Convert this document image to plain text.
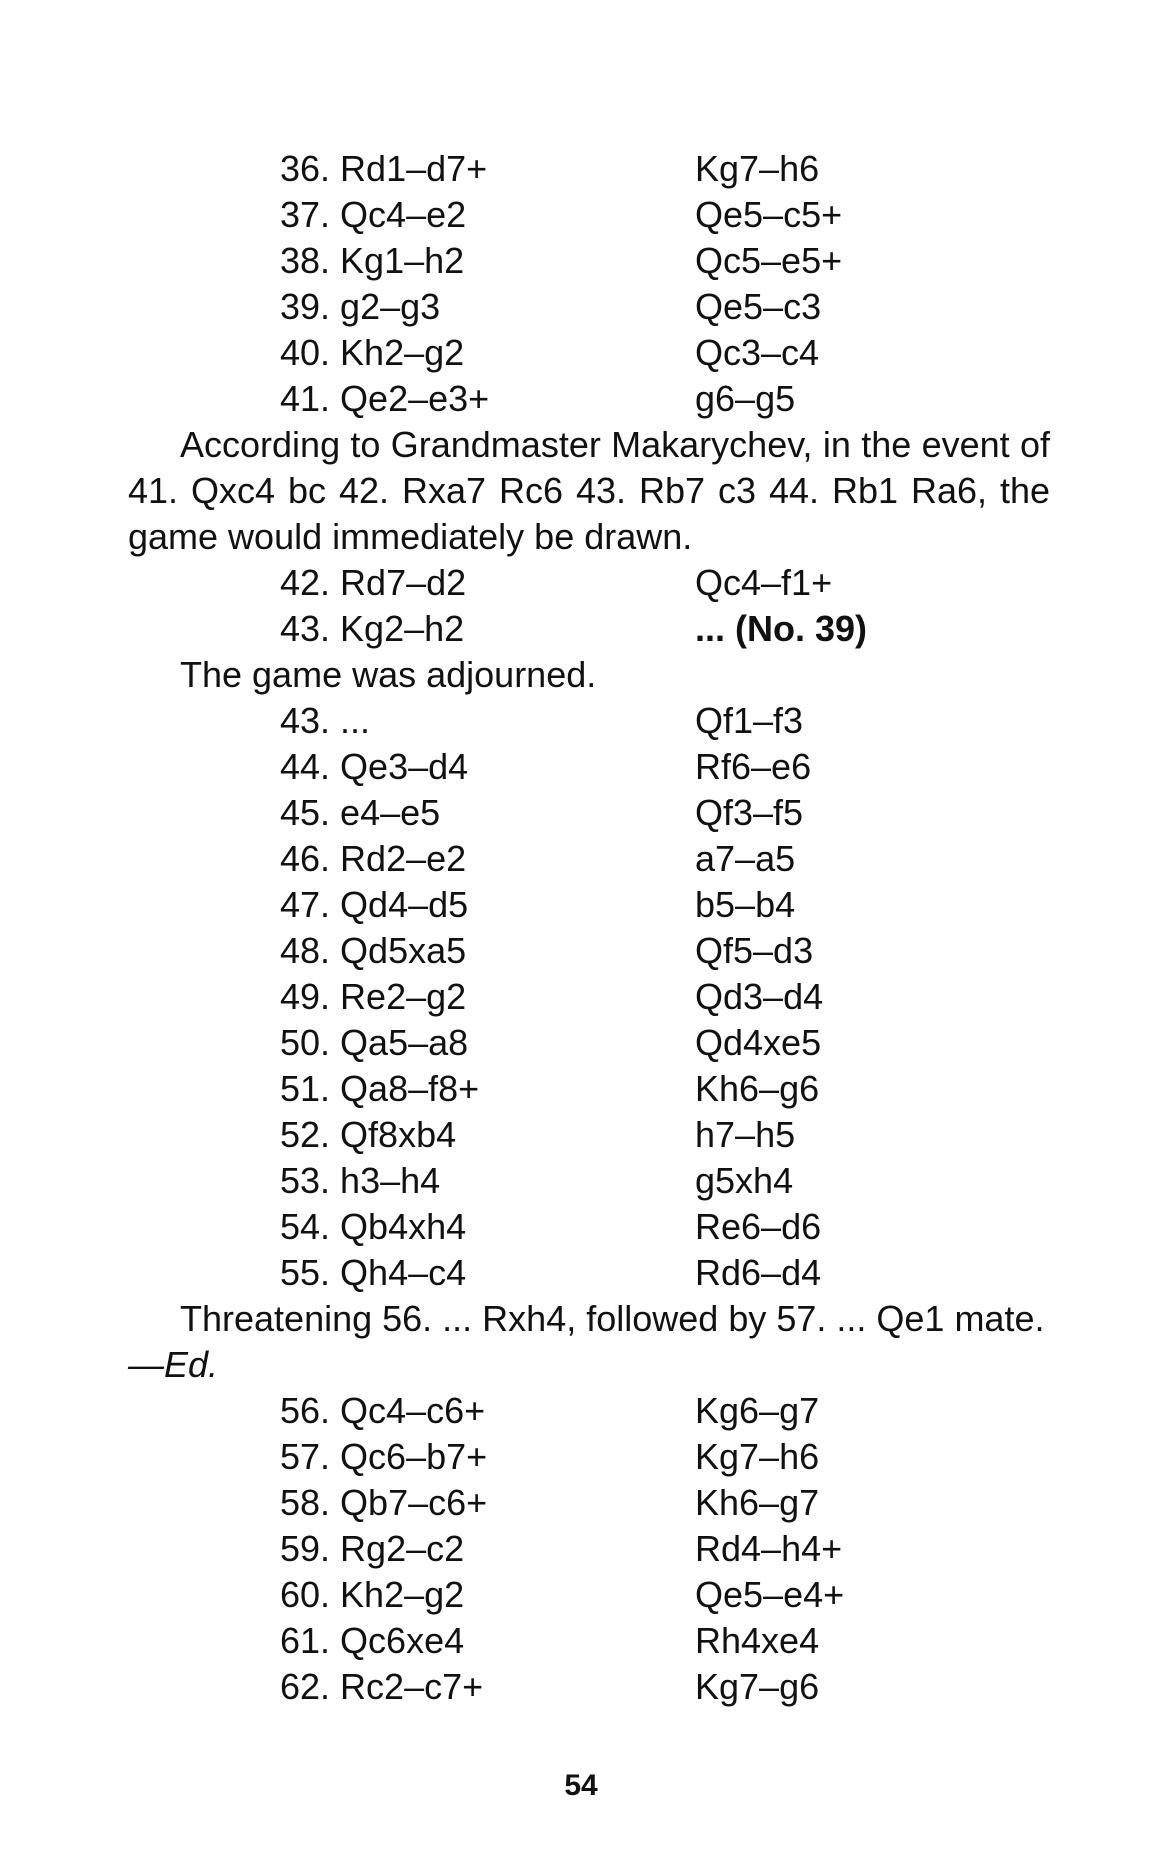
36. Rd1–d7+	Kg7–h6
37. Qc4–e2	Qe5–c5+
38. Kg1–h2	Qc5–e5+
39. g2–g3	Qe5–c3
40. Kh2–g2	Qc3–c4
41. Qe2–e3+	g6–g5
According to Grandmaster Makarychev, in the event of 41. Qxc4 bc 42. Rxa7 Rc6 43. Rb7 c3 44. Rb1 Ra6, the game would immediately be drawn.
42. Rd7–d2	Qc4–f1+
43. Kg2–h2	... (No. 39)
The game was adjourned.
43. ...	Qf1–f3
44. Qe3–d4	Rf6–e6
45. e4–e5	Qf3–f5
46. Rd2–e2	a7–a5
47. Qd4–d5	b5–b4
48. Qd5xa5	Qf5–d3
49. Re2–g2	Qd3–d4
50. Qa5–a8	Qd4xe5
51. Qa8–f8+	Kh6–g6
52. Qf8xb4	h7–h5
53. h3–h4	g5xh4
54. Qb4xh4	Re6–d6
55. Qh4–c4	Rd6–d4
Threatening 56. ... Rxh4, followed by 57. ... Qe1 mate.—Ed.
56. Qc4–c6+	Kg6–g7
57. Qc6–b7+	Kg7–h6
58. Qb7–c6+	Kh6–g7
59. Rg2–c2	Rd4–h4+
60. Kh2–g2	Qe5–e4+
61. Qc6xe4	Rh4xe4
62. Rc2–c7+	Kg7–g6
54
